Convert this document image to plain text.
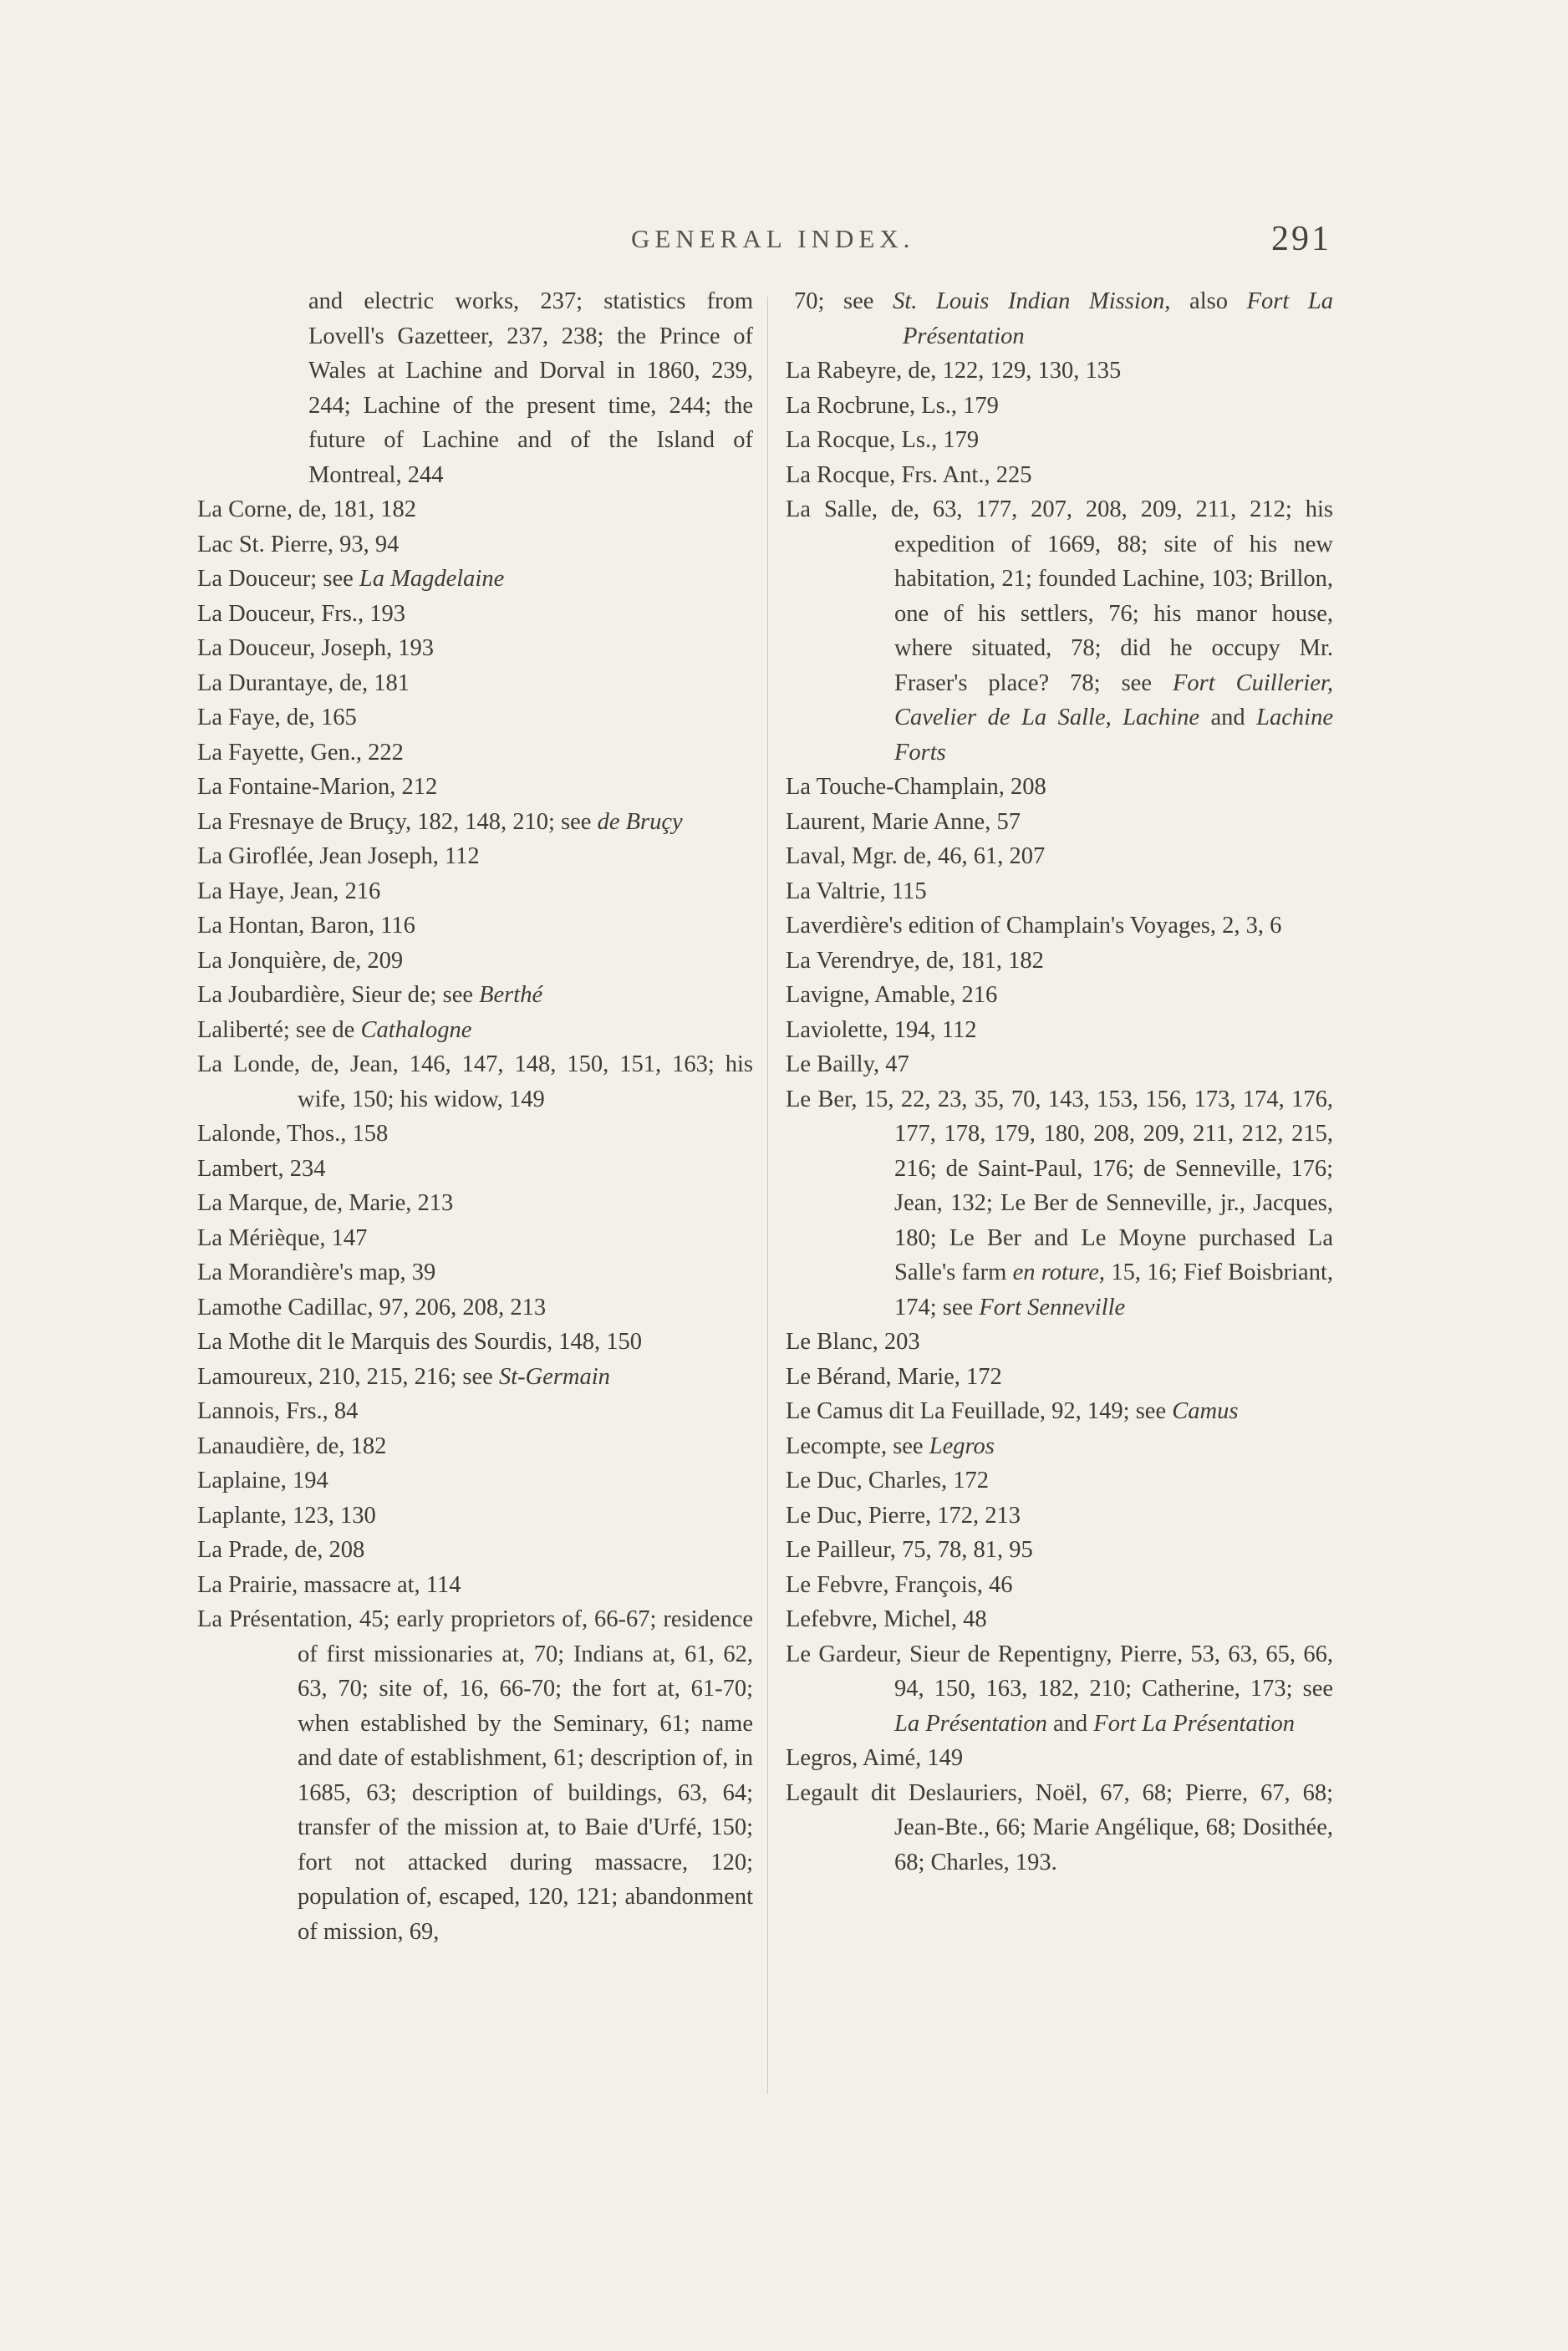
GENERAL INDEX.	291
and electric works, 237; statistics from Lovell's Gazetteer, 237, 238; the Prince of Wales at Lachine and Dorval in 1860, 239, 244; Lachine of the present time, 244; the future of Lachine and of the Island of Montreal, 244
La Corne, de, 181, 182
Lac St. Pierre, 93, 94
La Douceur; see La Magdelaine
La Douceur, Frs., 193
La Douceur, Joseph, 193
La Durantaye, de, 181
La Faye, de, 165
La Fayette, Gen., 222
La Fontaine-Marion, 212
La Fresnaye de Bruçy, 182, 148, 210; see de Bruçy
La Giroflée, Jean Joseph, 112
La Haye, Jean, 216
La Hontan, Baron, 116
La Jonquière, de, 209
La Joubardière, Sieur de; see Berthé
Laliberté; see de Cathalogne
La Londe, de, Jean, 146, 147, 148, 150, 151, 163; his wife, 150; his widow, 149
Lalonde, Thos., 158
Lambert, 234
La Marque, de, Marie, 213
La Mérièque, 147
La Morandière's map, 39
Lamothe Cadillac, 97, 206, 208, 213
La Mothe dit le Marquis des Sourdis, 148, 150
Lamoureux, 210, 215, 216; see St-Germain
Lannois, Frs., 84
Lanaudière, de, 182
Laplaine, 194
Laplante, 123, 130
La Prade, de, 208
La Prairie, massacre at, 114
La Présentation, 45; early proprietors of, 66-67; residence of first missionaries at, 70; Indians at, 61, 62, 63, 70; site of, 16, 66-70; the fort at, 61-70; when established by the Seminary, 61; name and date of establishment, 61; description of, in 1685, 63; description of buildings, 63, 64; transfer of the mission at, to Baie d'Urfé, 150; fort not attacked during massacre, 120; population of, escaped, 120, 121; abandonment of mission, 69,
70; see St. Louis Indian Mission, also Fort La Présentation
La Rabeyre, de, 122, 129, 130, 135
La Rocbrune, Ls., 179
La Rocque, Ls., 179
La Rocque, Frs. Ant., 225
La Salle, de, 63, 177, 207, 208, 209, 211, 212; his expedition of 1669, 88; site of his new habitation, 21; founded Lachine, 103; Brillon, one of his settlers, 76; his manor house, where situated, 78; did he occupy Mr. Fraser's place? 78; see Fort Cuillerier, Cavelier de La Salle, Lachine and Lachine Forts
La Touche-Champlain, 208
Laurent, Marie Anne, 57
Laval, Mgr. de, 46, 61, 207
La Valtrie, 115
Laverdière's edition of Champlain's Voyages, 2, 3, 6
La Verendrye, de, 181, 182
Lavigne, Amable, 216
Laviolette, 194, 112
Le Bailly, 47
Le Ber, 15, 22, 23, 35, 70, 143, 153, 156, 173, 174, 176, 177, 178, 179, 180, 208, 209, 211, 212, 215, 216; de Saint-Paul, 176; de Senneville, 176; Jean, 132; Le Ber de Senneville, jr., Jacques, 180; Le Ber and Le Moyne purchased La Salle's farm en roture, 15, 16; Fief Boisbriant, 174; see Fort Senneville
Le Blanc, 203
Le Bérand, Marie, 172
Le Camus dit La Feuillade, 92, 149; see Camus
Lecompte, see Legros
Le Duc, Charles, 172
Le Duc, Pierre, 172, 213
Le Pailleur, 75, 78, 81, 95
Le Febvre, François, 46
Lefebvre, Michel, 48
Le Gardeur, Sieur de Repentigny, Pierre, 53, 63, 65, 66, 94, 150, 163, 182, 210; Catherine, 173; see La Présentation and Fort La Présentation
Legros, Aimé, 149
Legault dit Deslauriers, Noël, 67, 68; Pierre, 67, 68; Jean-Bte., 66; Marie Angélique, 68; Dosithée, 68; Charles, 193.
